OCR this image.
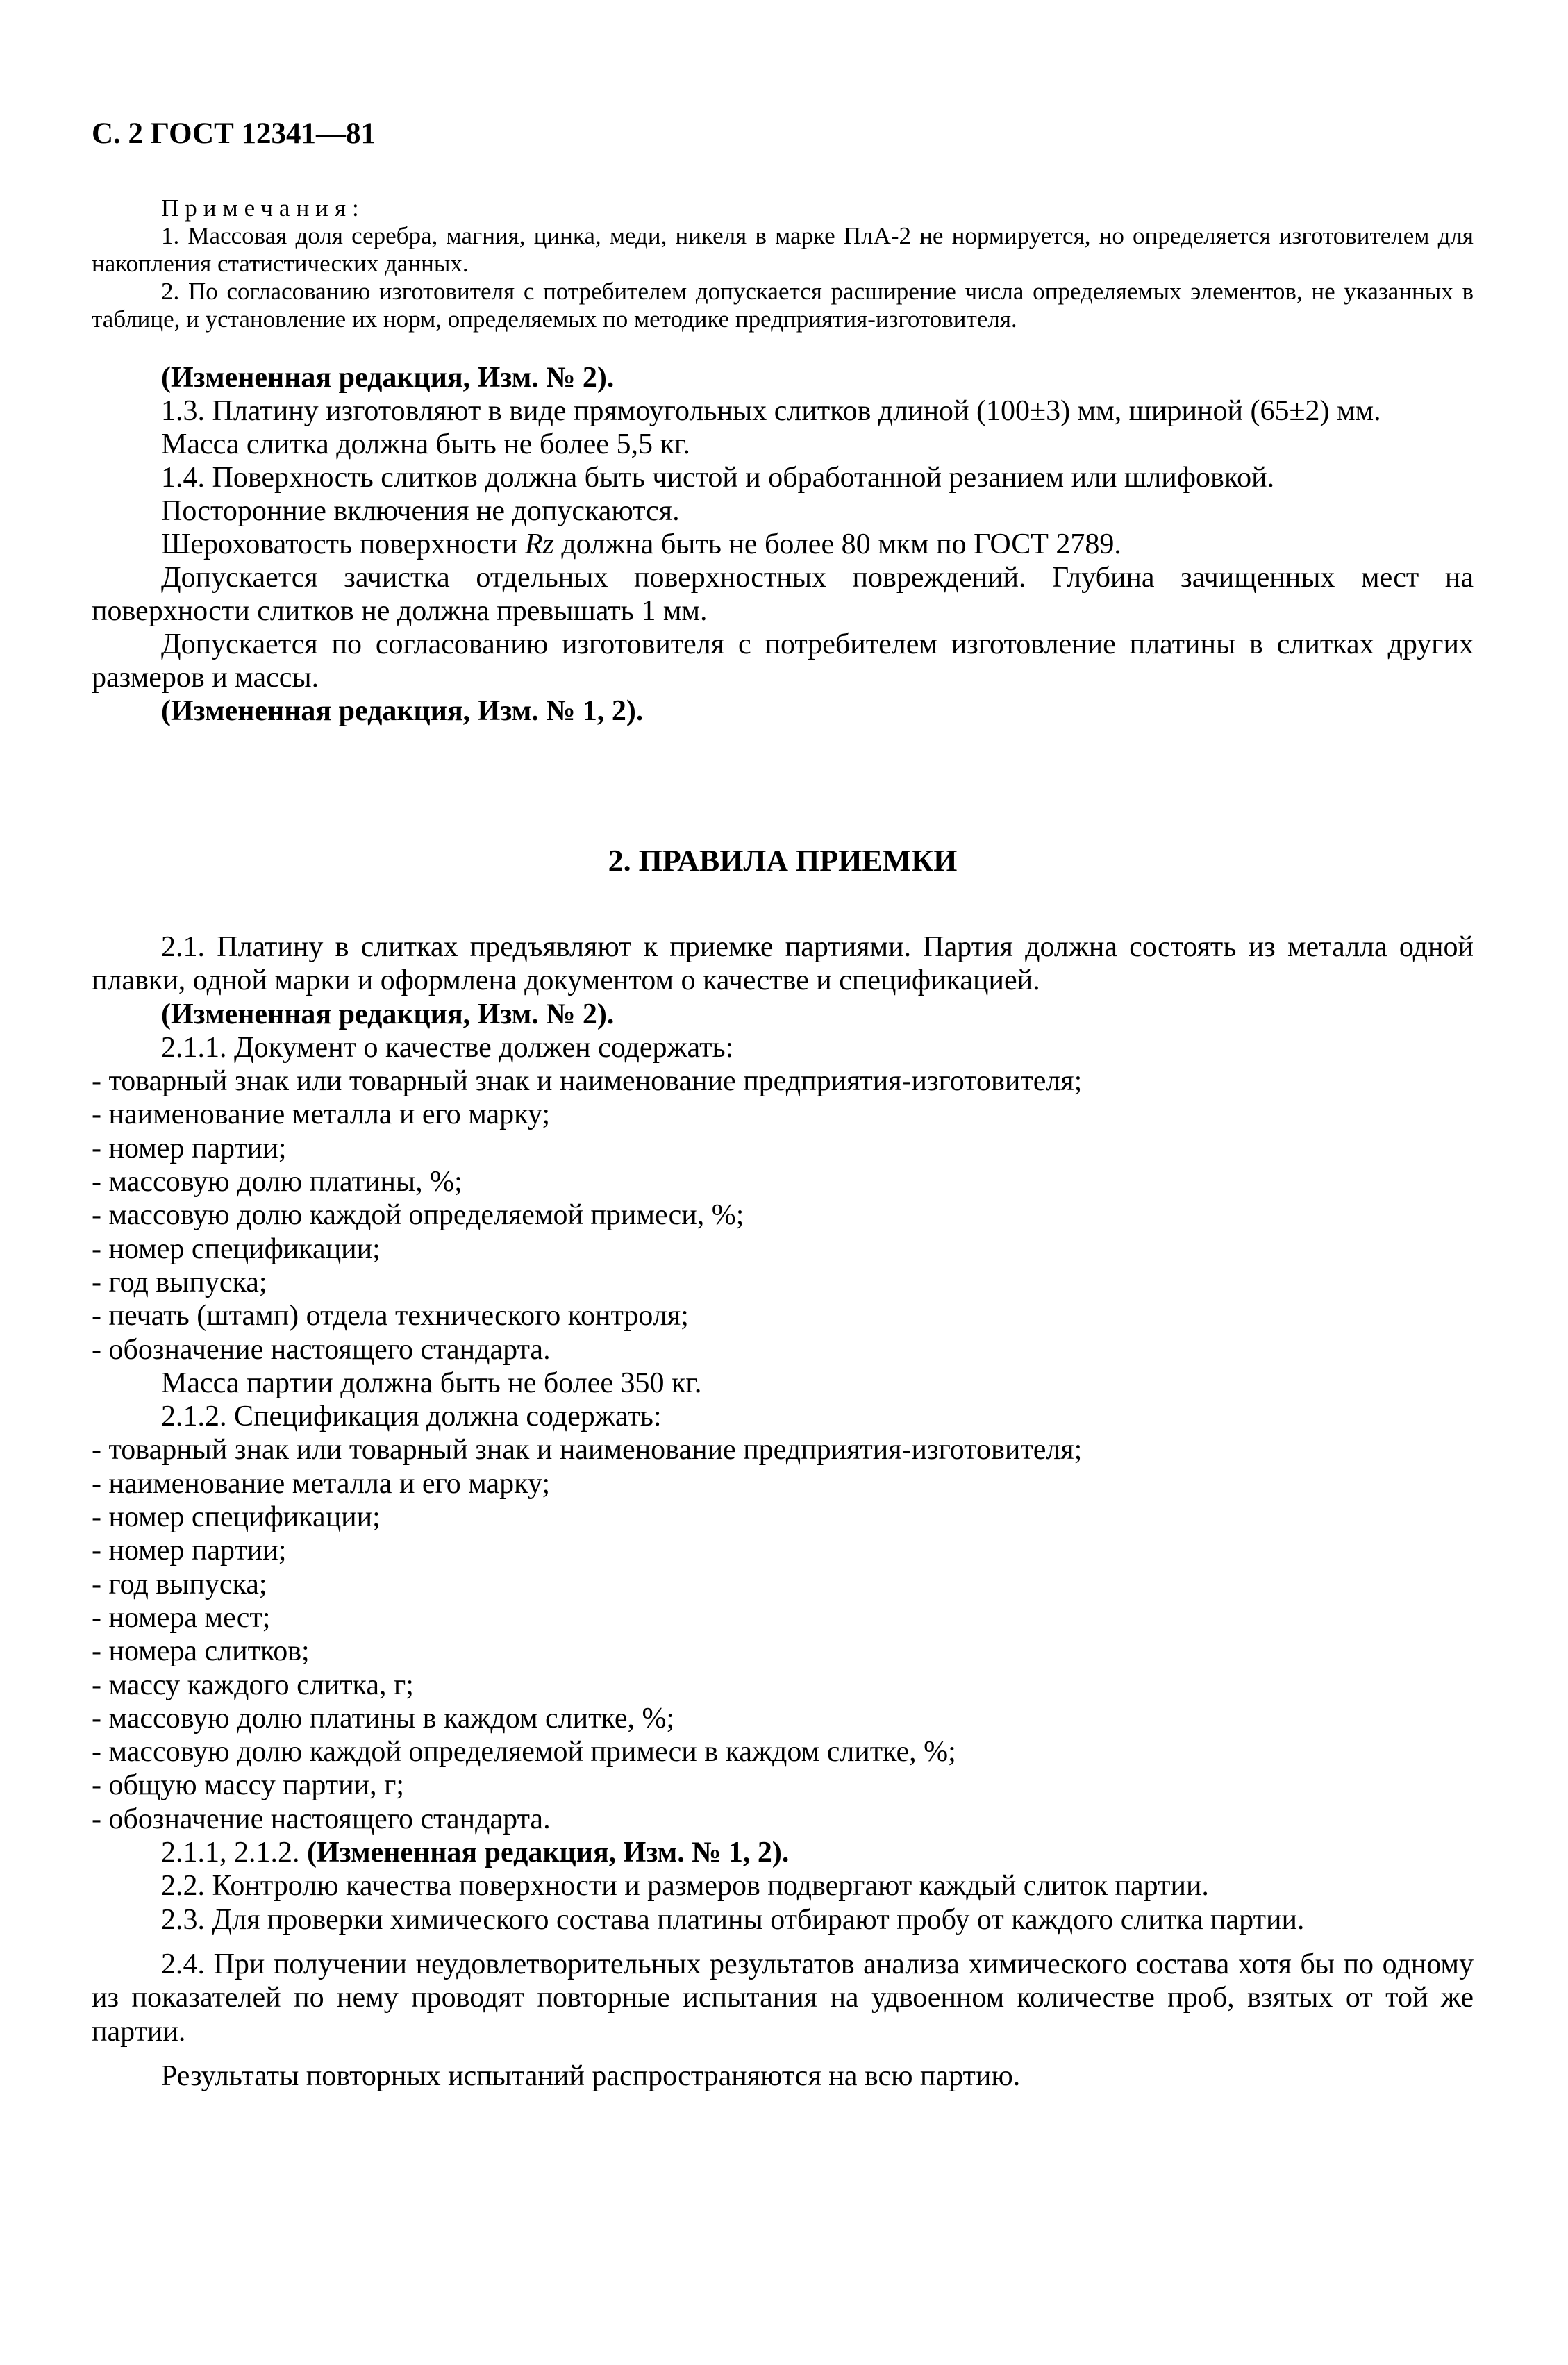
С. 2 ГОСТ 12341—81

Примечания:

1. Массовая доля серебра, магния, цинка, меди, никеля в марке ПлА-2 не нормируется, но определяется изготовителем для накопления статистических данных.

2. По согласованию изготовителя с потребителем допускается расширение числа определяемых элементов, не указанных в таблице, и установление их норм, определяемых по методике предприятия-изготовителя.

(Измененная редакция, Изм. № 2).

1.3. Платину изготовляют в виде прямоугольных слитков длиной (100±3) мм, шириной (65±2) мм.

Масса слитка должна быть не более 5,5 кг.

1.4. Поверхность слитков должна быть чистой и обработанной резанием или шлифовкой.

Посторонние включения не допускаются.

Шероховатость поверхности Rz должна быть не более 80 мкм по ГОСТ 2789.

Допускается зачистка отдельных поверхностных повреждений. Глубина зачищенных мест на поверхности слитков не должна превышать 1 мм.

Допускается по согласованию изготовителя с потребителем изготовление платины в слитках других размеров и массы.

(Измененная редакция, Изм. № 1, 2).

2. ПРАВИЛА ПРИЕМКИ

2.1. Платину в слитках предъявляют к приемке партиями. Партия должна состоять из металла одной плавки, одной марки и оформлена документом о качестве и спецификацией.

(Измененная редакция, Изм. № 2).

2.1.1. Документ о качестве должен содержать:

- товарный знак или товарный знак и наименование предприятия-изготовителя;

- наименование металла и его марку;

- номер партии;

- массовую долю платины, %;

- массовую долю каждой определяемой примеси, %;

- номер спецификации;

- год выпуска;

- печать (штамп) отдела технического контроля;

- обозначение настоящего стандарта.

Масса партии должна быть не более 350 кг.

2.1.2. Спецификация должна содержать:

- товарный знак или товарный знак и наименование предприятия-изготовителя;

- наименование металла и его марку;

- номер спецификации;

- номер партии;

- год выпуска;

- номера мест;

- номера слитков;

- массу каждого слитка, г;

- массовую долю платины в каждом слитке, %;

- массовую долю каждой определяемой примеси в каждом слитке, %;

- общую массу партии, г;

- обозначение настоящего стандарта.

2.1.1, 2.1.2. (Измененная редакция, Изм. № 1, 2).

2.2. Контролю качества поверхности и размеров подвергают каждый слиток партии.

2.3. Для проверки химического состава платины отбирают пробу от каждого слитка партии.

2.4. При получении неудовлетворительных результатов анализа химического состава хотя бы по одному из показателей по нему проводят повторные испытания на удвоенном количестве проб, взятых от той же партии.

Результаты повторных испытаний распространяются на всю партию.
